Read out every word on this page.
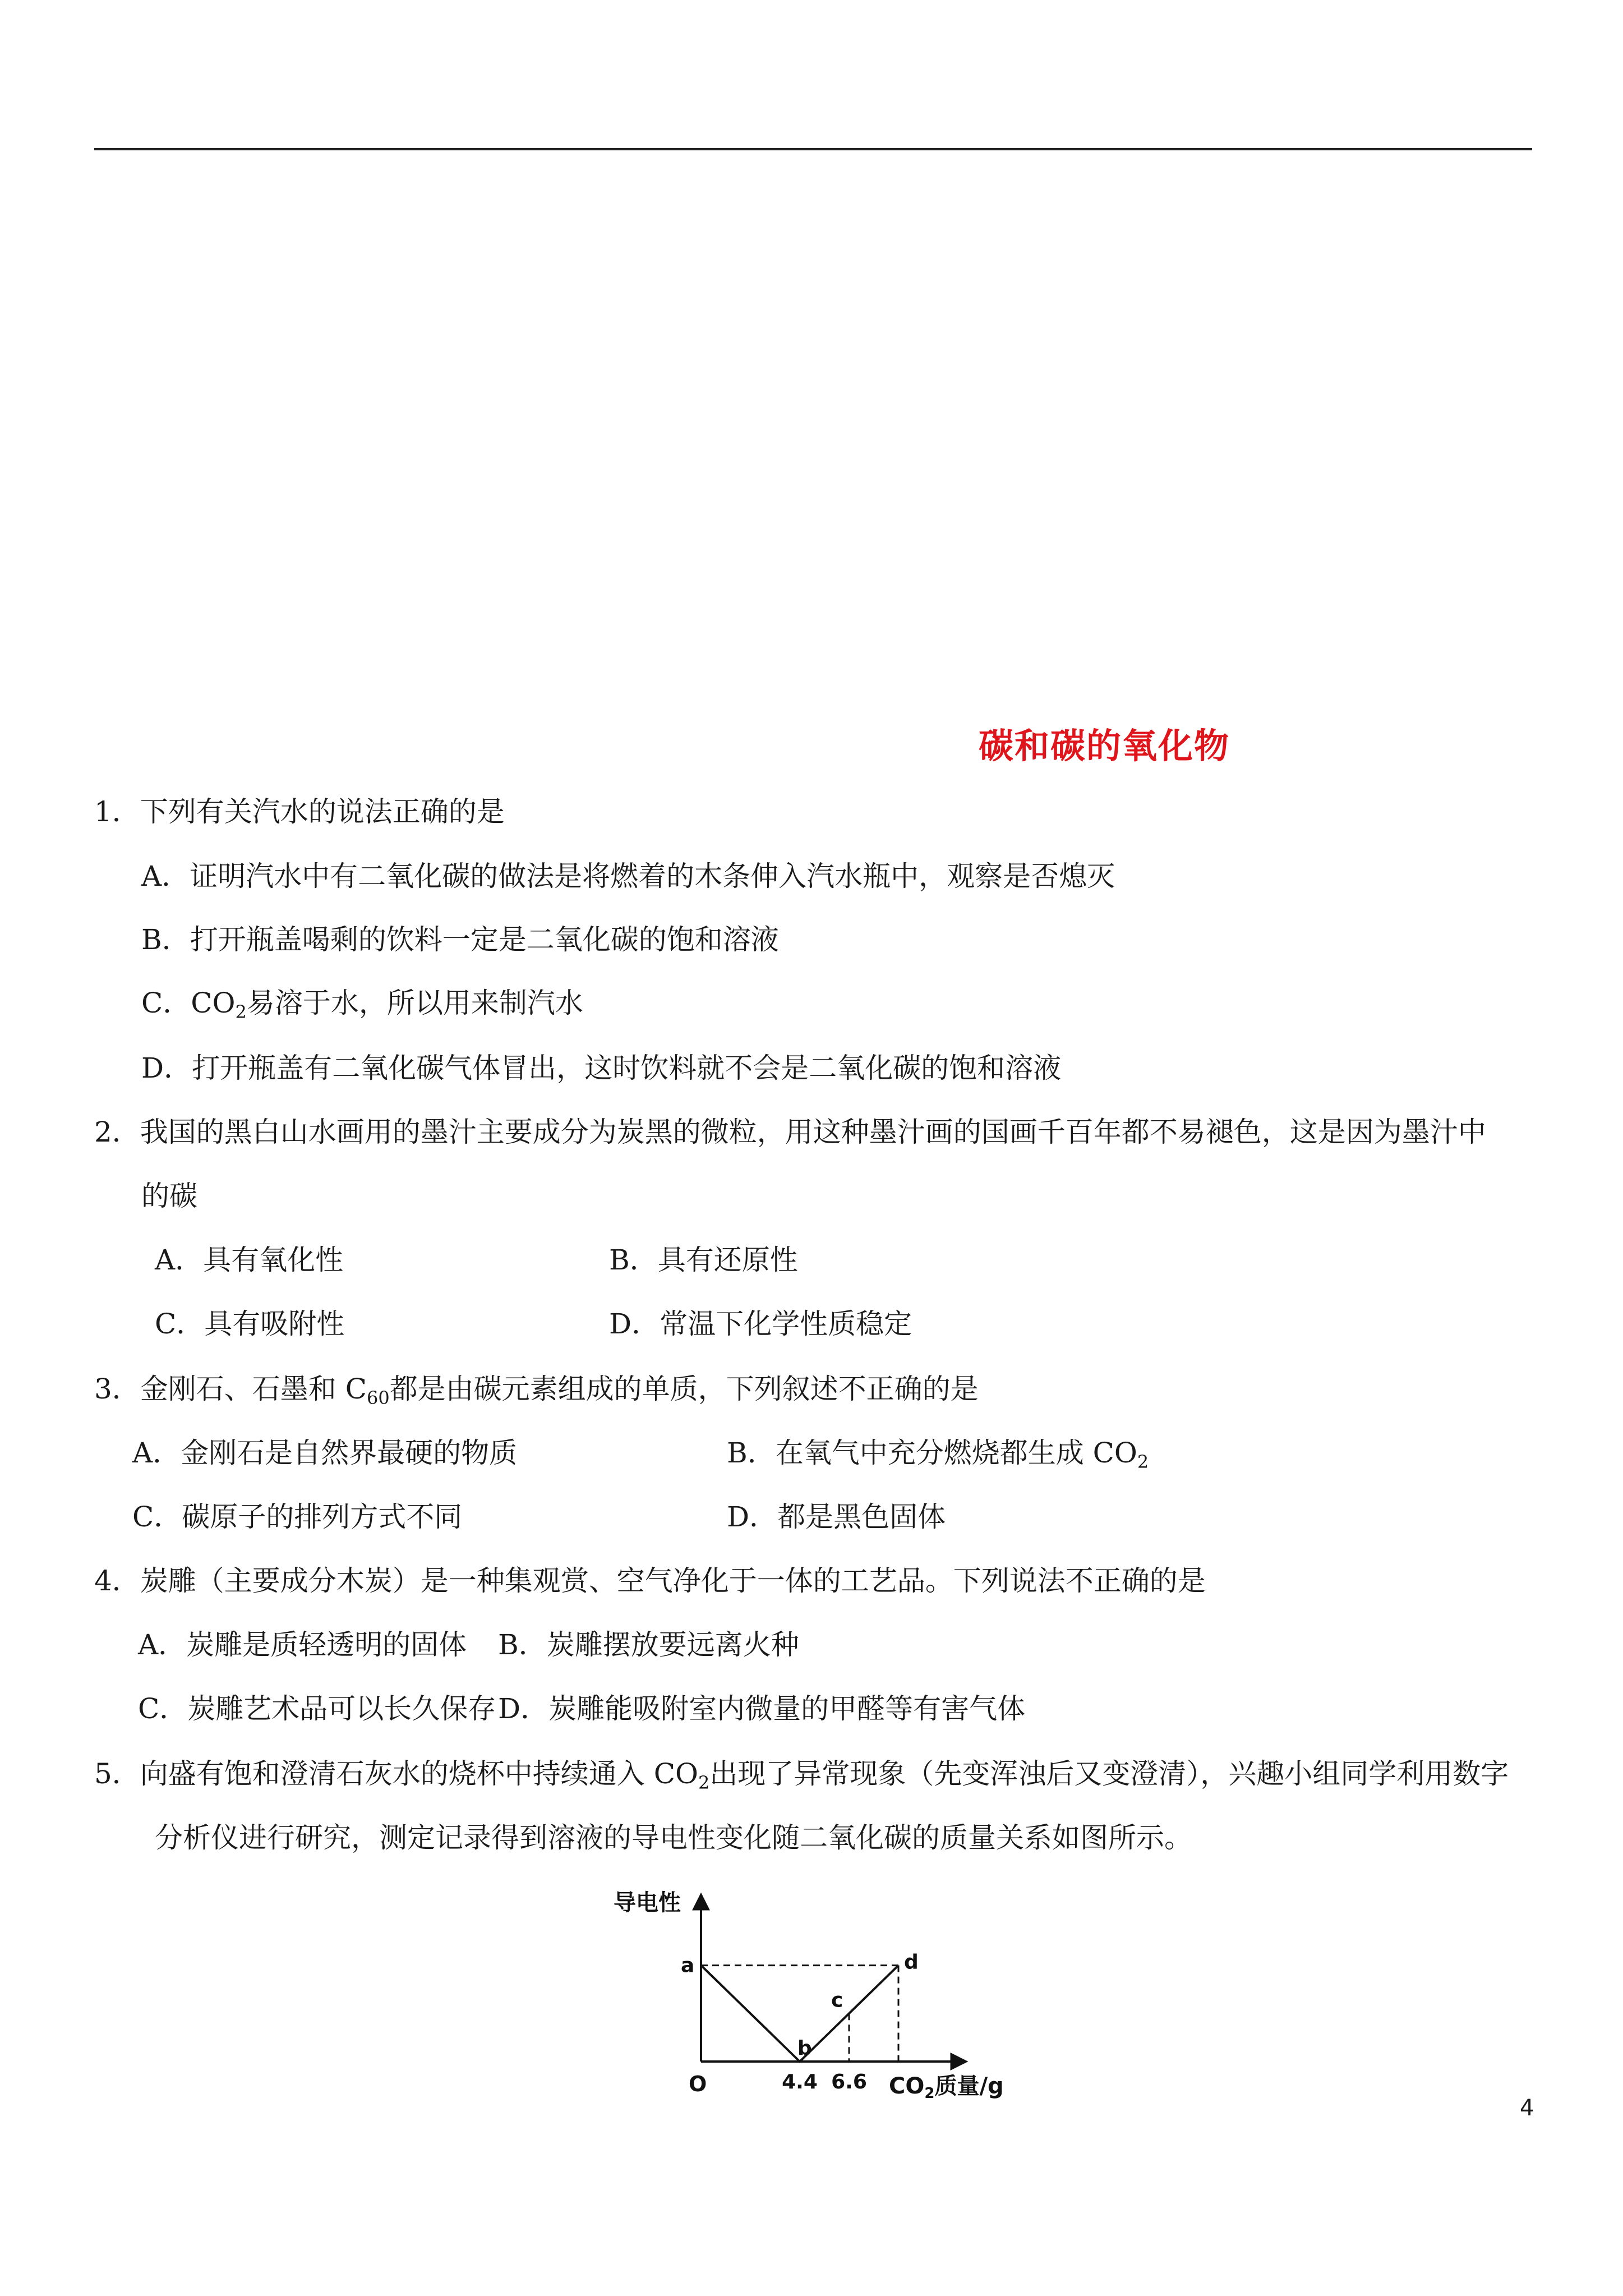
碳和碳的氧化物
1．下列有关汽水的说法正确的是
A．证明汽水中有二氧化碳的做法是将燃着的木条伸入汽水瓶中，观察是否熄灭
B．打开瓶盖喝剩的饮料一定是二氧化碳的饱和溶液
C．$CO_2$易溶于水，所以用来制汽水
D．打开瓶盖有二氧化碳气体冒出，这时饮料就不会是二氧化碳的饱和溶液
2．我国的黑白山水画用的墨汁主要成分为炭黑的微粒，用这种墨汁画的国画千百年都不易褪色，这是因为墨汁中
的碳
A．具有氧化性	B．具有还原性
C．具有吸附性	D．常温下化学性质稳定
3．金刚石、石墨和 $C_{60}$都是由碳元素组成的单质，下列叙述不正确的是
A．金刚石是自然界最硬的物质	B．在氧气中充分燃烧都生成 $CO_2$
C．碳原子的排列方式不同	D．都是黑色固体
4．炭雕（主要成分木炭）是一种集观赏、空气净化于一体的工艺品。下列说法不正确的是
A．炭雕是质轻透明的固体 B．炭雕摆放要远离火种
C．炭雕艺术品可以长久保存 D．炭雕能吸附室内微量的甲醛等有害气体
5．向盛有饱和澄清石灰水的烧杯中持续通入 $CO_2$出现了异常现象（先变浑浊后又变澄清），兴趣小组同学利用数字
分析仪进行研究，测定记录得到溶液的导电性变化随二氧化碳的质量关系如图所示。
导电性
$CO_2$质量/g
O
a
b
c
d
4.4 6.6
4
